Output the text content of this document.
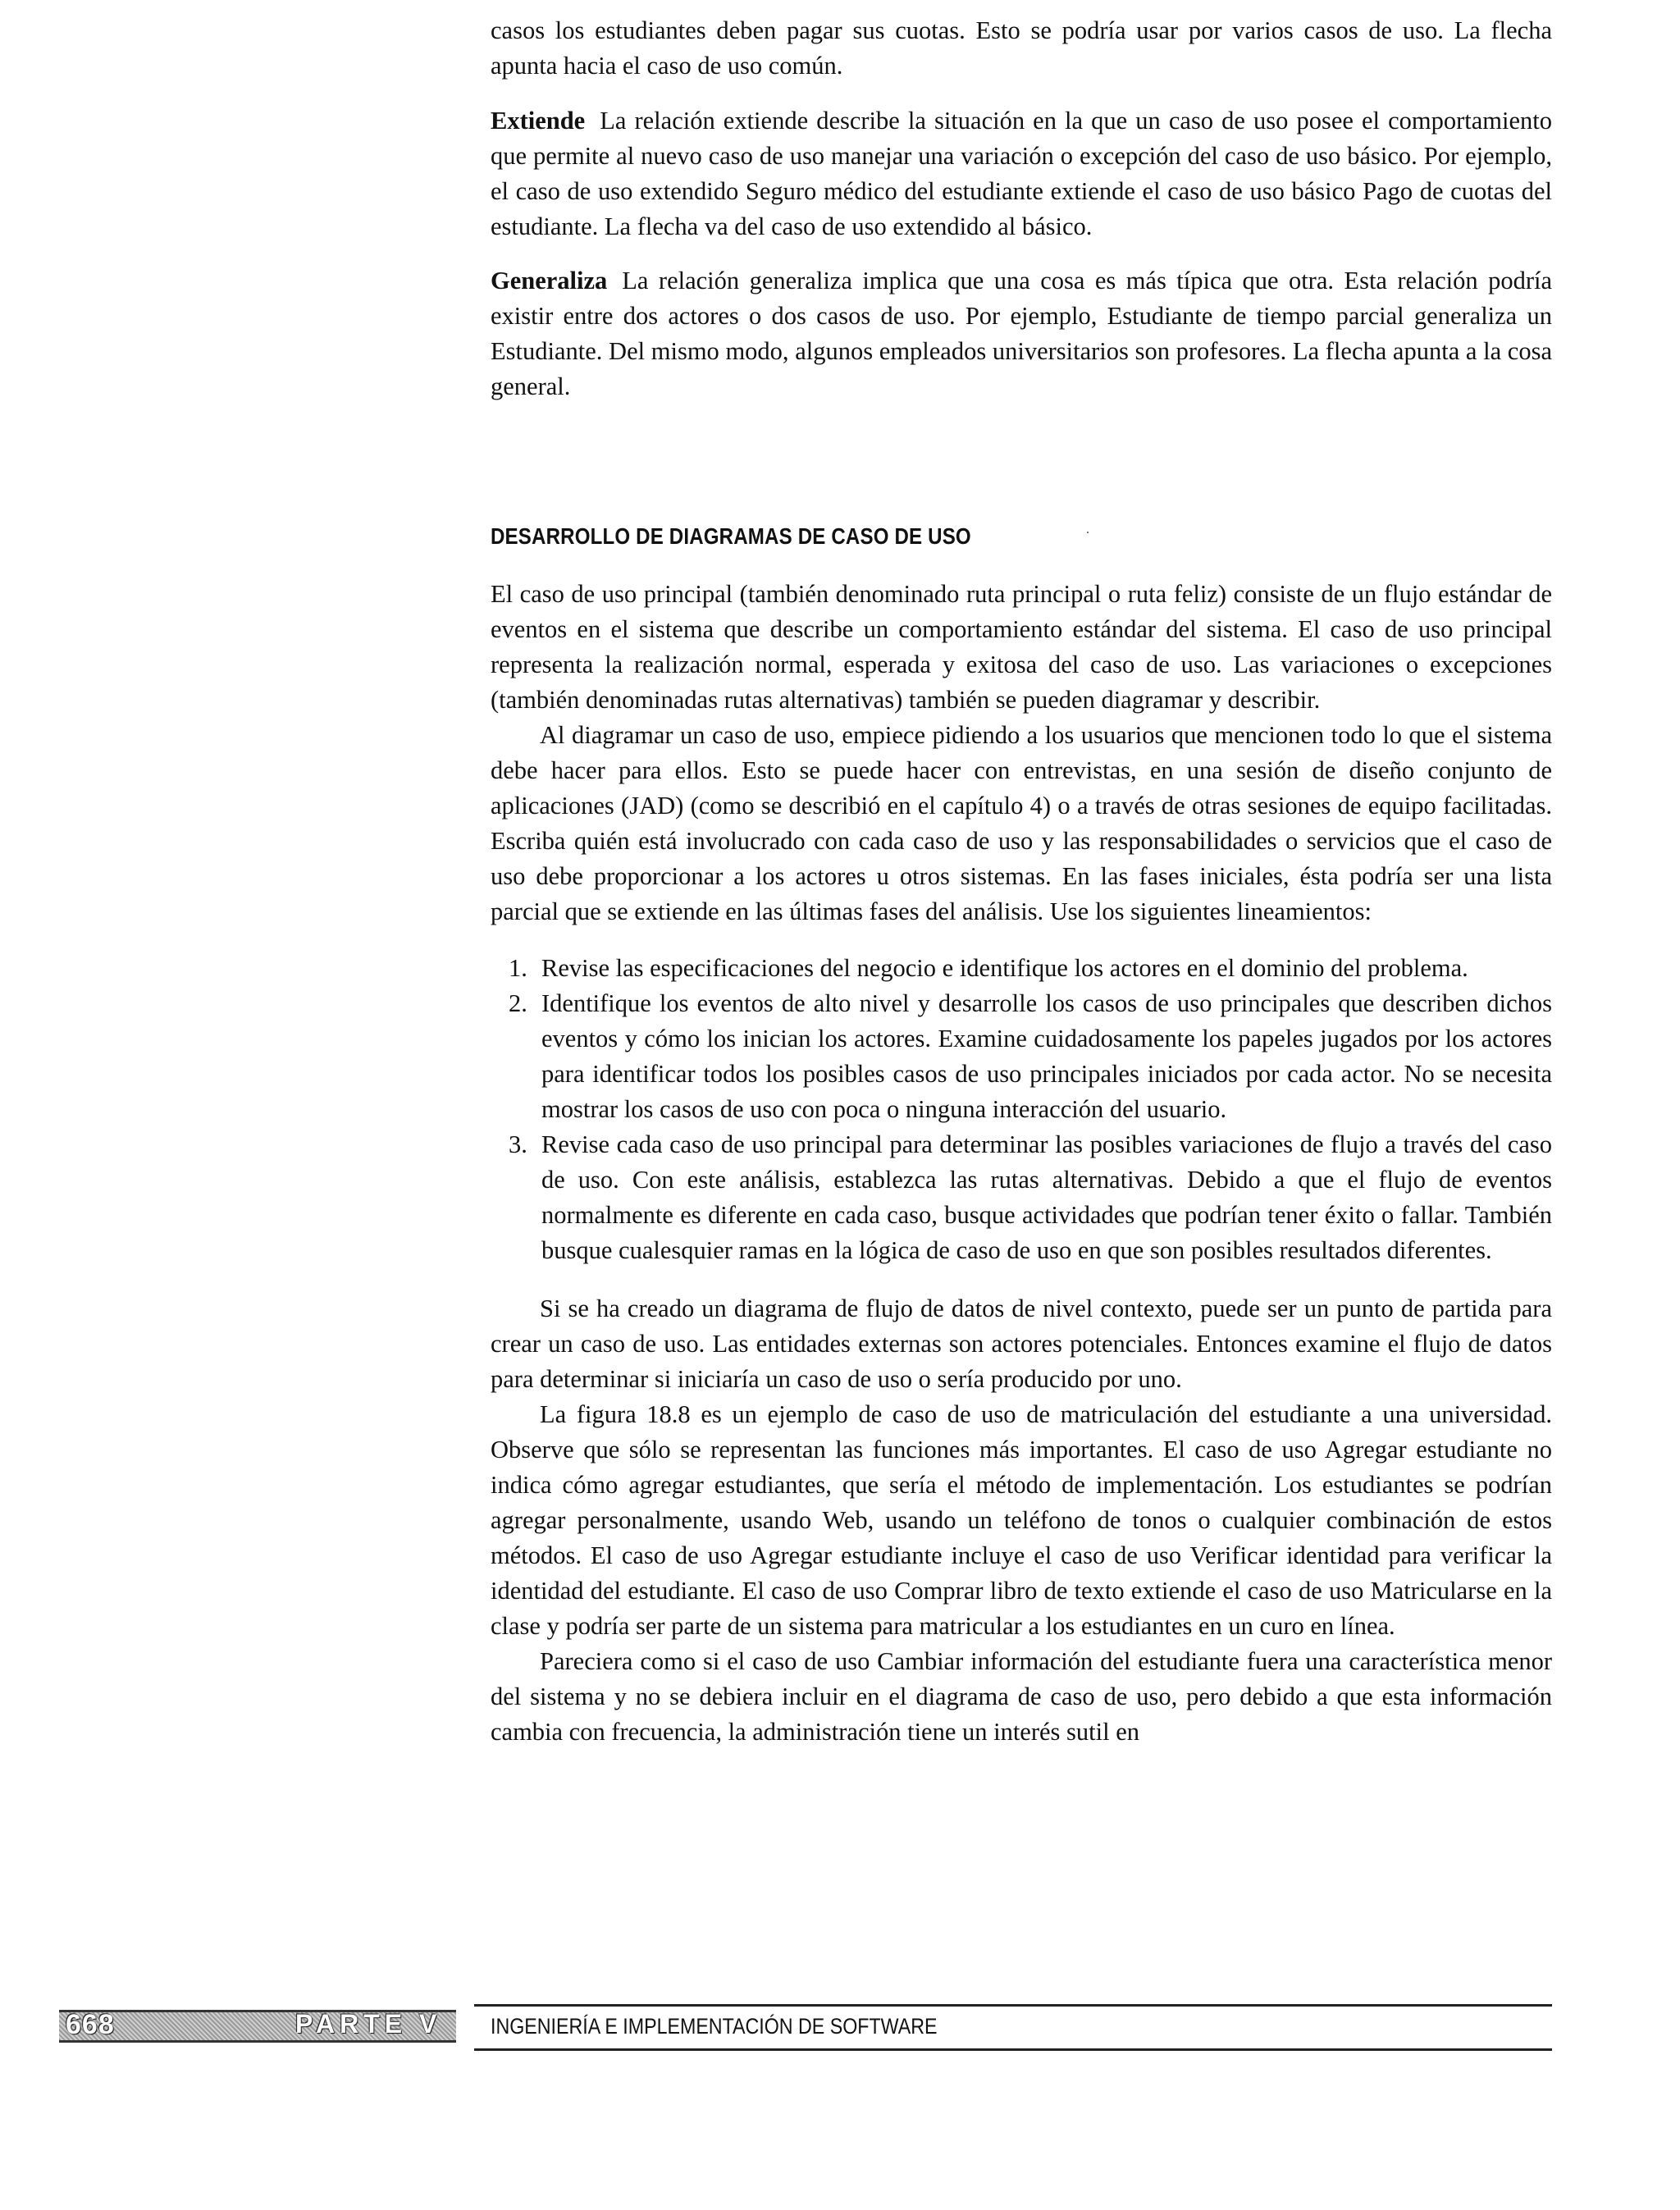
casos los estudiantes deben pagar sus cuotas. Esto se podría usar por varios casos de uso. La flecha apunta hacia el caso de uso común.

Extiende La relación extiende describe la situación en la que un caso de uso posee el comportamiento que permite al nuevo caso de uso manejar una variación o excepción del caso de uso básico. Por ejemplo, el caso de uso extendido Seguro médico del estudiante extiende el caso de uso básico Pago de cuotas del estudiante. La flecha va del caso de uso extendido al básico.

Generaliza La relación generaliza implica que una cosa es más típica que otra. Esta relación podría existir entre dos actores o dos casos de uso. Por ejemplo, Estudiante de tiempo parcial generaliza un Estudiante. Del mismo modo, algunos empleados universitarios son profesores. La flecha apunta a la cosa general.

DESARROLLO DE DIAGRAMAS DE CASO DE USO

El caso de uso principal (también denominado ruta principal o ruta feliz) consiste de un flujo estándar de eventos en el sistema que describe un comportamiento estándar del sistema. El caso de uso principal representa la realización normal, esperada y exitosa del caso de uso. Las variaciones o excepciones (también denominadas rutas alternativas) también se pueden diagramar y describir.

Al diagramar un caso de uso, empiece pidiendo a los usuarios que mencionen todo lo que el sistema debe hacer para ellos. Esto se puede hacer con entrevistas, en una sesión de diseño conjunto de aplicaciones (JAD) (como se describió en el capítulo 4) o a través de otras sesiones de equipo facilitadas. Escriba quién está involucrado con cada caso de uso y las responsabilidades o servicios que el caso de uso debe proporcionar a los actores u otros sistemas. En las fases iniciales, ésta podría ser una lista parcial que se extiende en las últimas fases del análisis. Use los siguientes lineamientos:

1. Revise las especificaciones del negocio e identifique los actores en el dominio del problema.
2. Identifique los eventos de alto nivel y desarrolle los casos de uso principales que describen dichos eventos y cómo los inician los actores. Examine cuidadosamente los papeles jugados por los actores para identificar todos los posibles casos de uso principales iniciados por cada actor. No se necesita mostrar los casos de uso con poca o ninguna interacción del usuario.
3. Revise cada caso de uso principal para determinar las posibles variaciones de flujo a través del caso de uso. Con este análisis, establezca las rutas alternativas. Debido a que el flujo de eventos normalmente es diferente en cada caso, busque actividades que podrían tener éxito o fallar. También busque cualesquier ramas en la lógica de caso de uso en que son posibles resultados diferentes.

Si se ha creado un diagrama de flujo de datos de nivel contexto, puede ser un punto de partida para crear un caso de uso. Las entidades externas son actores potenciales. Entonces examine el flujo de datos para determinar si iniciaría un caso de uso o sería producido por uno.

La figura 18.8 es un ejemplo de caso de uso de matriculación del estudiante a una universidad. Observe que sólo se representan las funciones más importantes. El caso de uso Agregar estudiante no indica cómo agregar estudiantes, que sería el método de implementación. Los estudiantes se podrían agregar personalmente, usando Web, usando un teléfono de tonos o cualquier combinación de estos métodos. El caso de uso Agregar estudiante incluye el caso de uso Verificar identidad para verificar la identidad del estudiante. El caso de uso Comprar libro de texto extiende el caso de uso Matricularse en la clase y podría ser parte de un sistema para matricular a los estudiantes en un curo en línea.

Pareciera como si el caso de uso Cambiar información del estudiante fuera una característica menor del sistema y no se debiera incluir en el diagrama de caso de uso, pero debido a que esta información cambia con frecuencia, la administración tiene un interés sutil en

668	PARTE V INGENIERÍA E IMPLEMENTACIÓN DE SOFTWARE
